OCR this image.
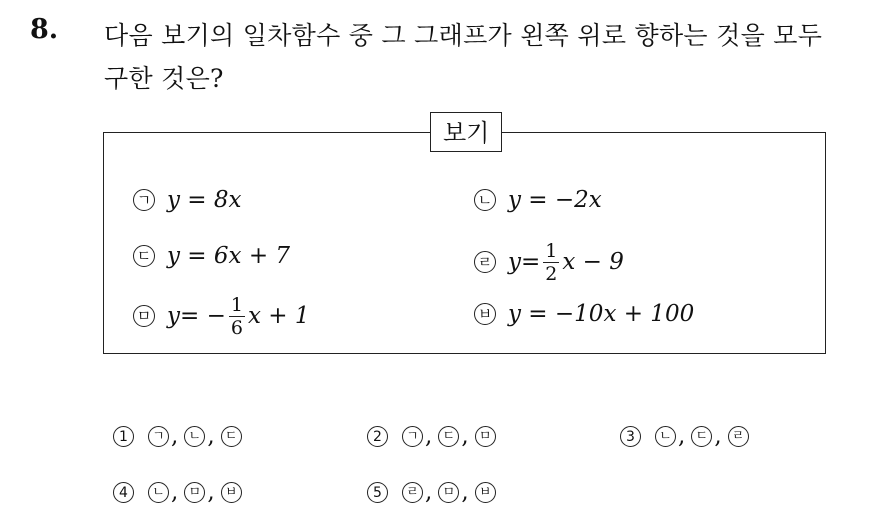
8. 다음 보기의 일차함수 중 그 그래프가 왼쪽 위로 향하는 것을 모두
구한 것은?
보기
ㄱ y = 8x	ㄴ y = −2x
ㄷ y = 6x + 7	ㄹ $y = \frac{1}{2}$ x − 9
ㅁ y = − $\frac{1}{6}$ x + 1	ㅂ y = −10x + 100
1	ㄱ , ㄴ , ㄷ	2	ㄱ , ㄷ , ㅁ	3	ㄴ , ㄷ , ㄹ
4	ㄴ , ㅁ , ㅂ	5	ㄹ , ㅁ , ㅂ
